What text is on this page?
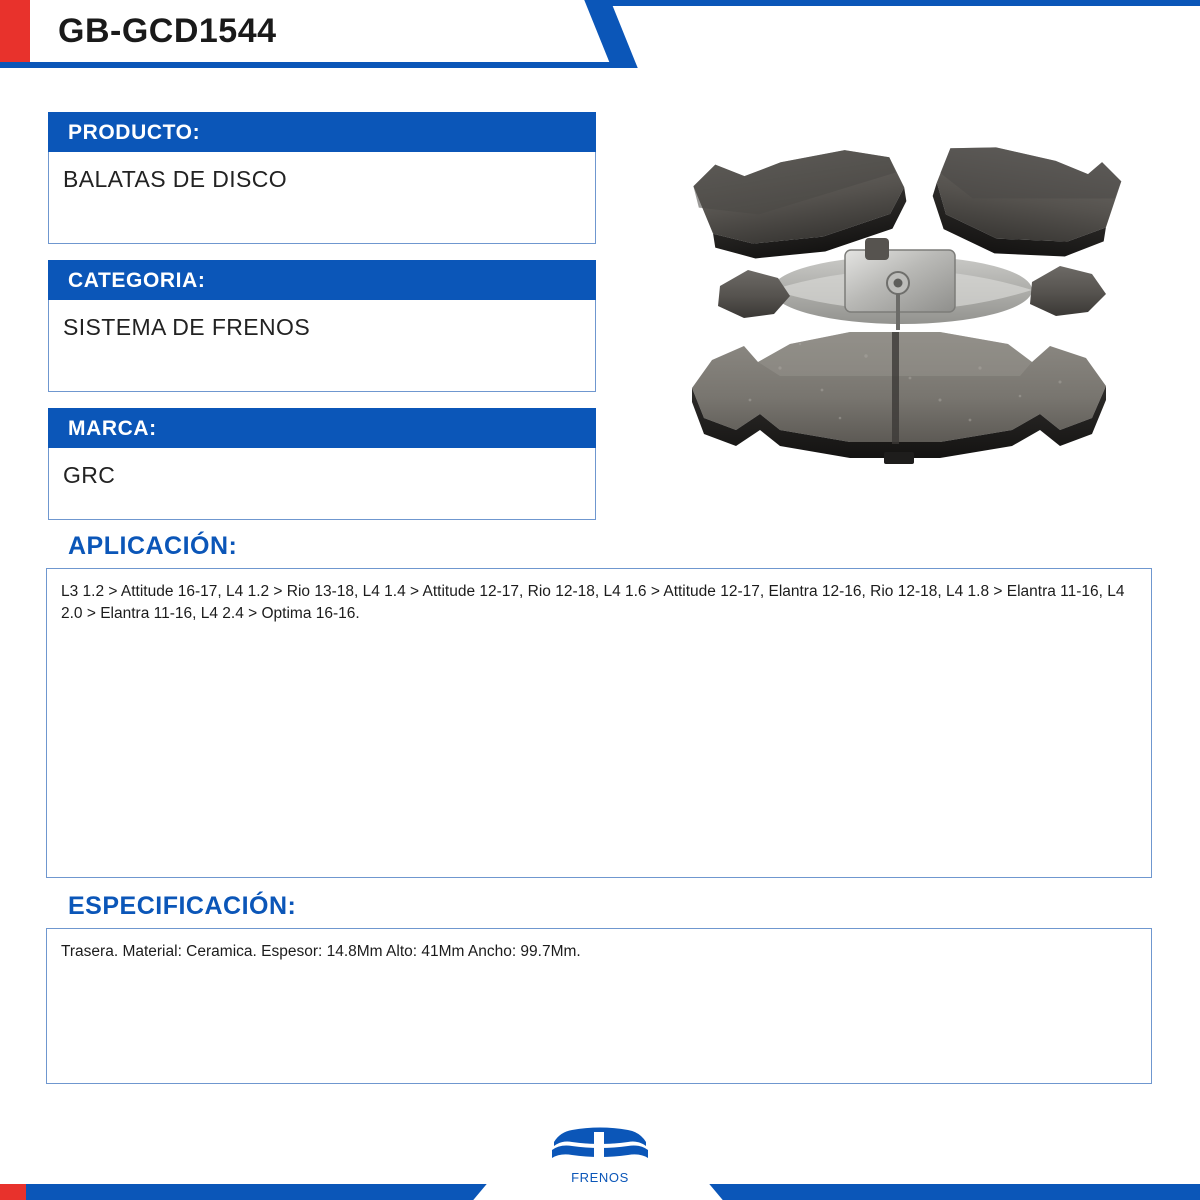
GB-GCD1544
PRODUCTO:
BALATAS DE DISCO
CATEGORIA:
SISTEMA DE FRENOS
MARCA:
GRC
APLICACIÓN:
L3 1.2 > Attitude 16-17, L4 1.2 > Rio 13-18, L4 1.4 > Attitude 12-17, Rio 12-18, L4 1.6 > Attitude 12-17, Elantra 12-16, Rio 12-18, L4 1.8 > Elantra 11-16, L4 2.0 > Elantra 11-16, L4 2.4 > Optima 16-16.
ESPECIFICACIÓN:
Trasera. Material: Ceramica. Espesor: 14.8Mm Alto: 41Mm Ancho: 99.7Mm.
FRENOS
